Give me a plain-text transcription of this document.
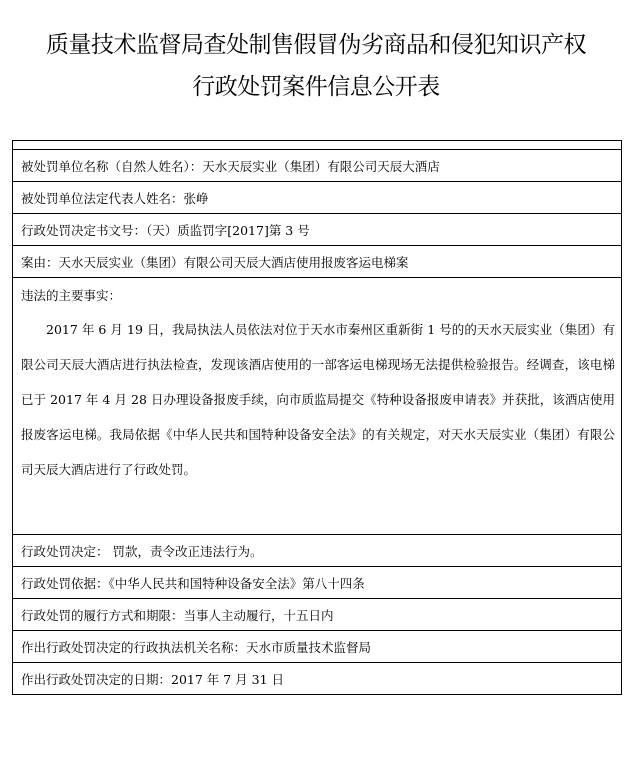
质量技术监督局查处制售假冒伪劣商品和侵犯知识产权
行政处罚案件信息公开表

被处罚单位名称（自然人姓名）：天水天辰实业（集团）有限公司天辰大酒店
被处罚单位法定代表人姓名：张峥
行政处罚决定书文号：（天）质监罚字[2017]第 3 号
案由：天水天辰实业（集团）有限公司天辰大酒店使用报废客运电梯案

违法的主要事实：
2017 年 6 月 19 日，我局执法人员依法对位于天水市秦州区重新街 1 号的的天水天辰实业（集团）有限公司天辰大酒店进行执法检查，发现该酒店使用的一部客运电梯现场无法提供检验报告。经调查，该电梯已于 2017 年 4 月 28 日办理设备报废手续，向市质监局提交《特种设备报废申请表》并获批，该酒店使用报废客运电梯。我局依据《中华人民共和国特种设备安全法》的有关规定，对天水天辰实业（集团）有限公司天辰大酒店进行了行政处罚。

行政处罚决定： 罚款，责令改正违法行为。
行政处罚依据：《中华人民共和国特种设备安全法》第八十四条
行政处罚的履行方式和期限：当事人主动履行，十五日内
作出行政处罚决定的行政执法机关名称：天水市质量技术监督局
作出行政处罚决定的日期：2017 年 7 月 31 日
